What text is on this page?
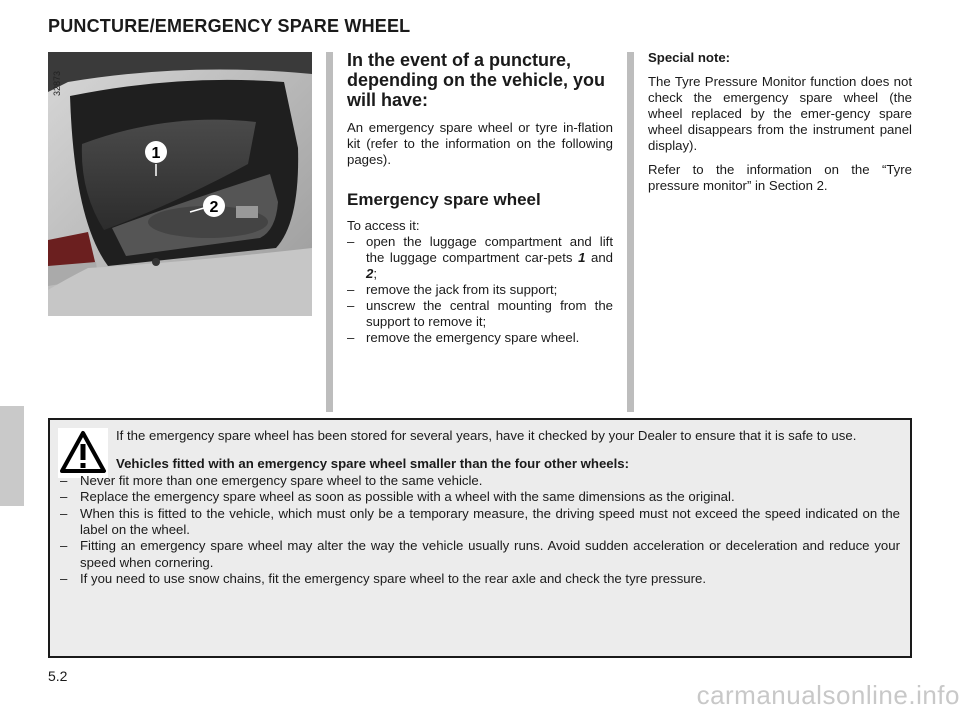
PUNCTURE/EMERGENCY SPARE WHEEL
1
2
32873
In the event of a puncture, depending on the vehicle, you will have:

An emergency spare wheel or tyre in-flation kit (refer to the information on the following pages).

Emergency spare wheel

To access it:

– open the luggage compartment and lift the luggage compartment car-pets 1 and 2;
– remove the jack from its support;
– unscrew the central mounting from the support to remove it;
– remove the emergency spare wheel.
Special note:

The Tyre Pressure Monitor function does not check the emergency spare wheel (the wheel replaced by the emer-gency spare wheel disappears from the instrument panel display).

Refer to the information on the “Tyre pressure monitor” in Section 2.

If the emergency spare wheel has been stored for several years, have it checked by your Dealer to ensure that it is safe to use.

Vehicles fitted with an emergency spare wheel smaller than the four other wheels:

– Never fit more than one emergency spare wheel to the same vehicle.
– Replace the emergency spare wheel as soon as possible with a wheel with the same dimensions as the original.
– When this is fitted to the vehicle, which must only be a temporary measure, the driving speed must not exceed the speed indicated on the label on the wheel.
– Fitting an emergency spare wheel may alter the way the vehicle usually runs. Avoid sudden acceleration or deceleration and reduce your speed when cornering.
– If you need to use snow chains, fit the emergency spare wheel to the rear axle and check the tyre pressure.
5.2
carmanualsonline.info
